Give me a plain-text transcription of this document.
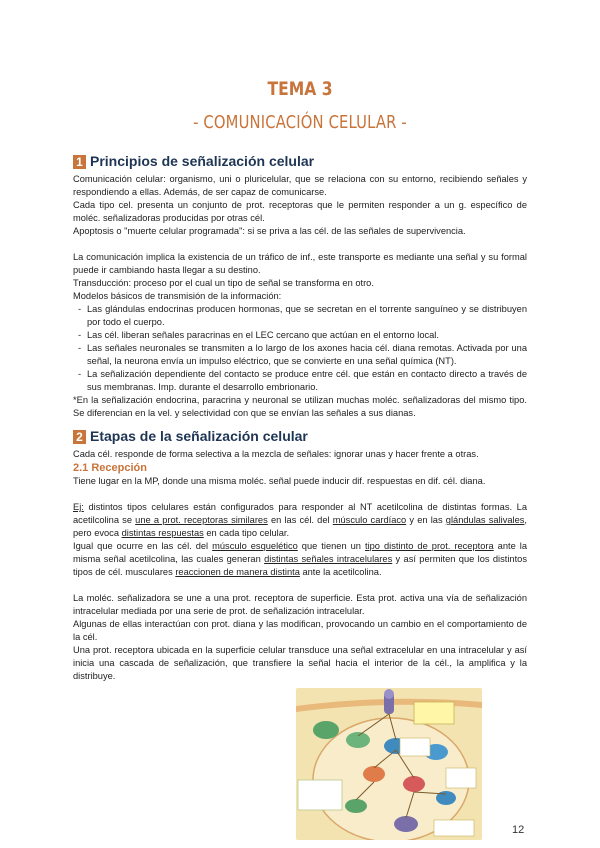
TEMA 3
- COMUNICACIÓN CELULAR -
1 Principios de señalización celular

Comunicación celular: organismo, uni o pluricelular, que se relaciona con su entorno, recibiendo señales y respondiendo a ellas. Además, de ser capaz de comunicarse.

Cada tipo cel. presenta un conjunto de prot. receptoras que le permiten responder a un g. específico de moléc. señalizadoras producidas por otras cél.

Apoptosis o "muerte celular programada": si se priva a las cél. de las señales de supervivencia.

La comunicación implica la existencia de un tráfico de inf., este transporte es mediante una señal y su formal puede ir cambiando hasta llegar a su destino.

Transducción: proceso por el cual un tipo de señal se transforma en otro.

Modelos básicos de transmisión de la información:

- Las glándulas endocrinas producen hormonas, que se secretan en el torrente sanguíneo y se distribuyen por todo el cuerpo.
- Las cél. liberan señales paracrinas en el LEC cercano que actúan en el entorno local.
- Las señales neuronales se transmiten a lo largo de los axones hacia cél. diana remotas. Activada por una señal, la neurona envía un impulso eléctrico, que se convierte en una señal química (NT).
- La señalización dependiente del contacto se produce entre cél. que están en contacto directo a través de sus membranas. Imp. durante el desarrollo embrionario.

*En la señalización endocrina, paracrina y neuronal se utilizan muchas moléc. señalizadoras del mismo tipo. Se diferencian en la vel. y selectividad con que se envían las señales a sus dianas.

2 Etapas de la señalización celular

Cada cél. responde de forma selectiva a la mezcla de señales: ignorar unas y hacer frente a otras.

2.1 Recepción

Tiene lugar en la MP, donde una misma moléc. señal puede inducir dif. respuestas en dif. cél. diana.

Ej: distintos tipos celulares están configurados para responder al NT acetilcolina de distintas formas. La acetilcolina se une a prot. receptoras similares en las cél. del músculo cardíaco y en las glándulas salivales, pero evoca distintas respuestas en cada tipo celular.

Igual que ocurre en las cél. del músculo esquelético que tienen un tipo distinto de prot. receptora ante la misma señal acetilcolina, las cuales generan distintas señales intracelulares y así permiten que los distintos tipos de cél. musculares reaccionen de manera distinta ante la acetilcolina.

La moléc. señalizadora se une a una prot. receptora de superficie. Esta prot. activa una vía de señalización intracelular mediada por una serie de prot. de señalización intracelular.

Algunas de ellas interactúan con prot. diana y las modifican, provocando un cambio en el comportamiento de la cél.

Una prot. receptora ubicada en la superficie celular transduce una señal extracelular en una intracelular y así inicia una cascada de señalización, que transfiere la señal hacia el interior de la cél., la amplifica y la distribuye.

12
